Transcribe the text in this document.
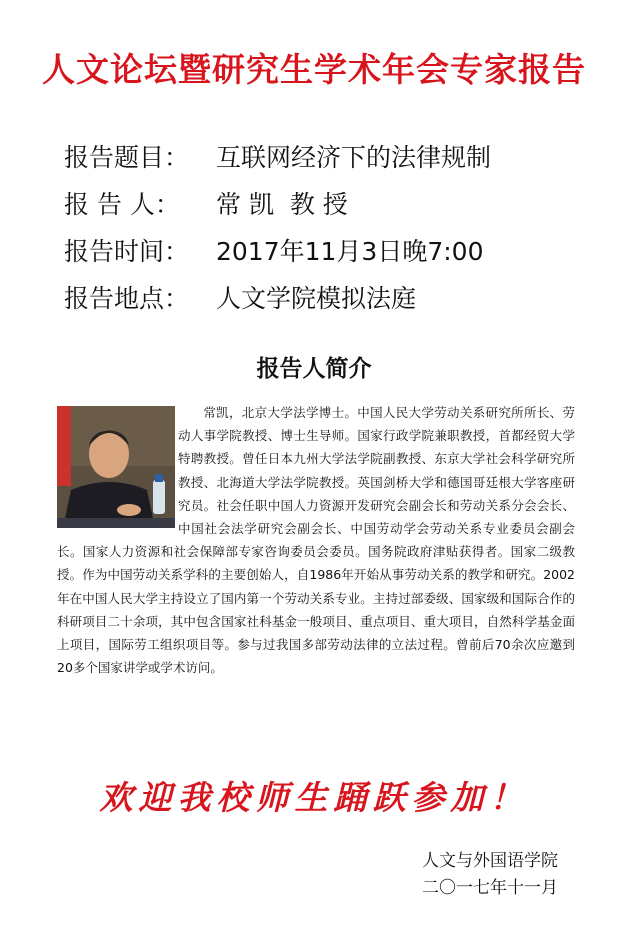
人文论坛暨研究生学术年会专家报告
报告题目： 互联网经济下的法律规制
报 告 人： 常 凯  教 授
报告时间： 2017年11月3日晚7:00
报告地点： 人文学院模拟法庭
报告人简介
常凯，北京大学法学博士。中国人民大学劳动关系研究所所长、劳动人事学院教授、博士生导师。国家行政学院兼职教授，首都经贸大学特聘教授。曾任日本九州大学法学院副教授、东京大学社会科学研究所教授、北海道大学法学院教授。英国剑桥大学和德国哥廷根大学客座研究员。社会任职中国人力资源开发研究会副会长和劳动关系分会会长、中国社会法学研究会副会长、中国劳动学会劳动关系专业委员会副会长。国家人力资源和社会保障部专家咨询委员会委员。国务院政府津贴获得者。国家二级教授。作为中国劳动关系学科的主要创始人，自1986年开始从事劳动关系的教学和研究。2002年在中国人民大学主持设立了国内第一个劳动关系专业。主持过部委级、国家级和国际合作的科研项目二十余项，其中包含国家社科基金一般项目、重点项目、重大项目，自然科学基金面上项目，国际劳工组织项目等。参与过我国多部劳动法律的立法过程。曾前后70余次应邀到20多个国家讲学或学术访问。
欢迎我校师生踊跃参加！
人文与外国语学院
二〇一七年十一月
